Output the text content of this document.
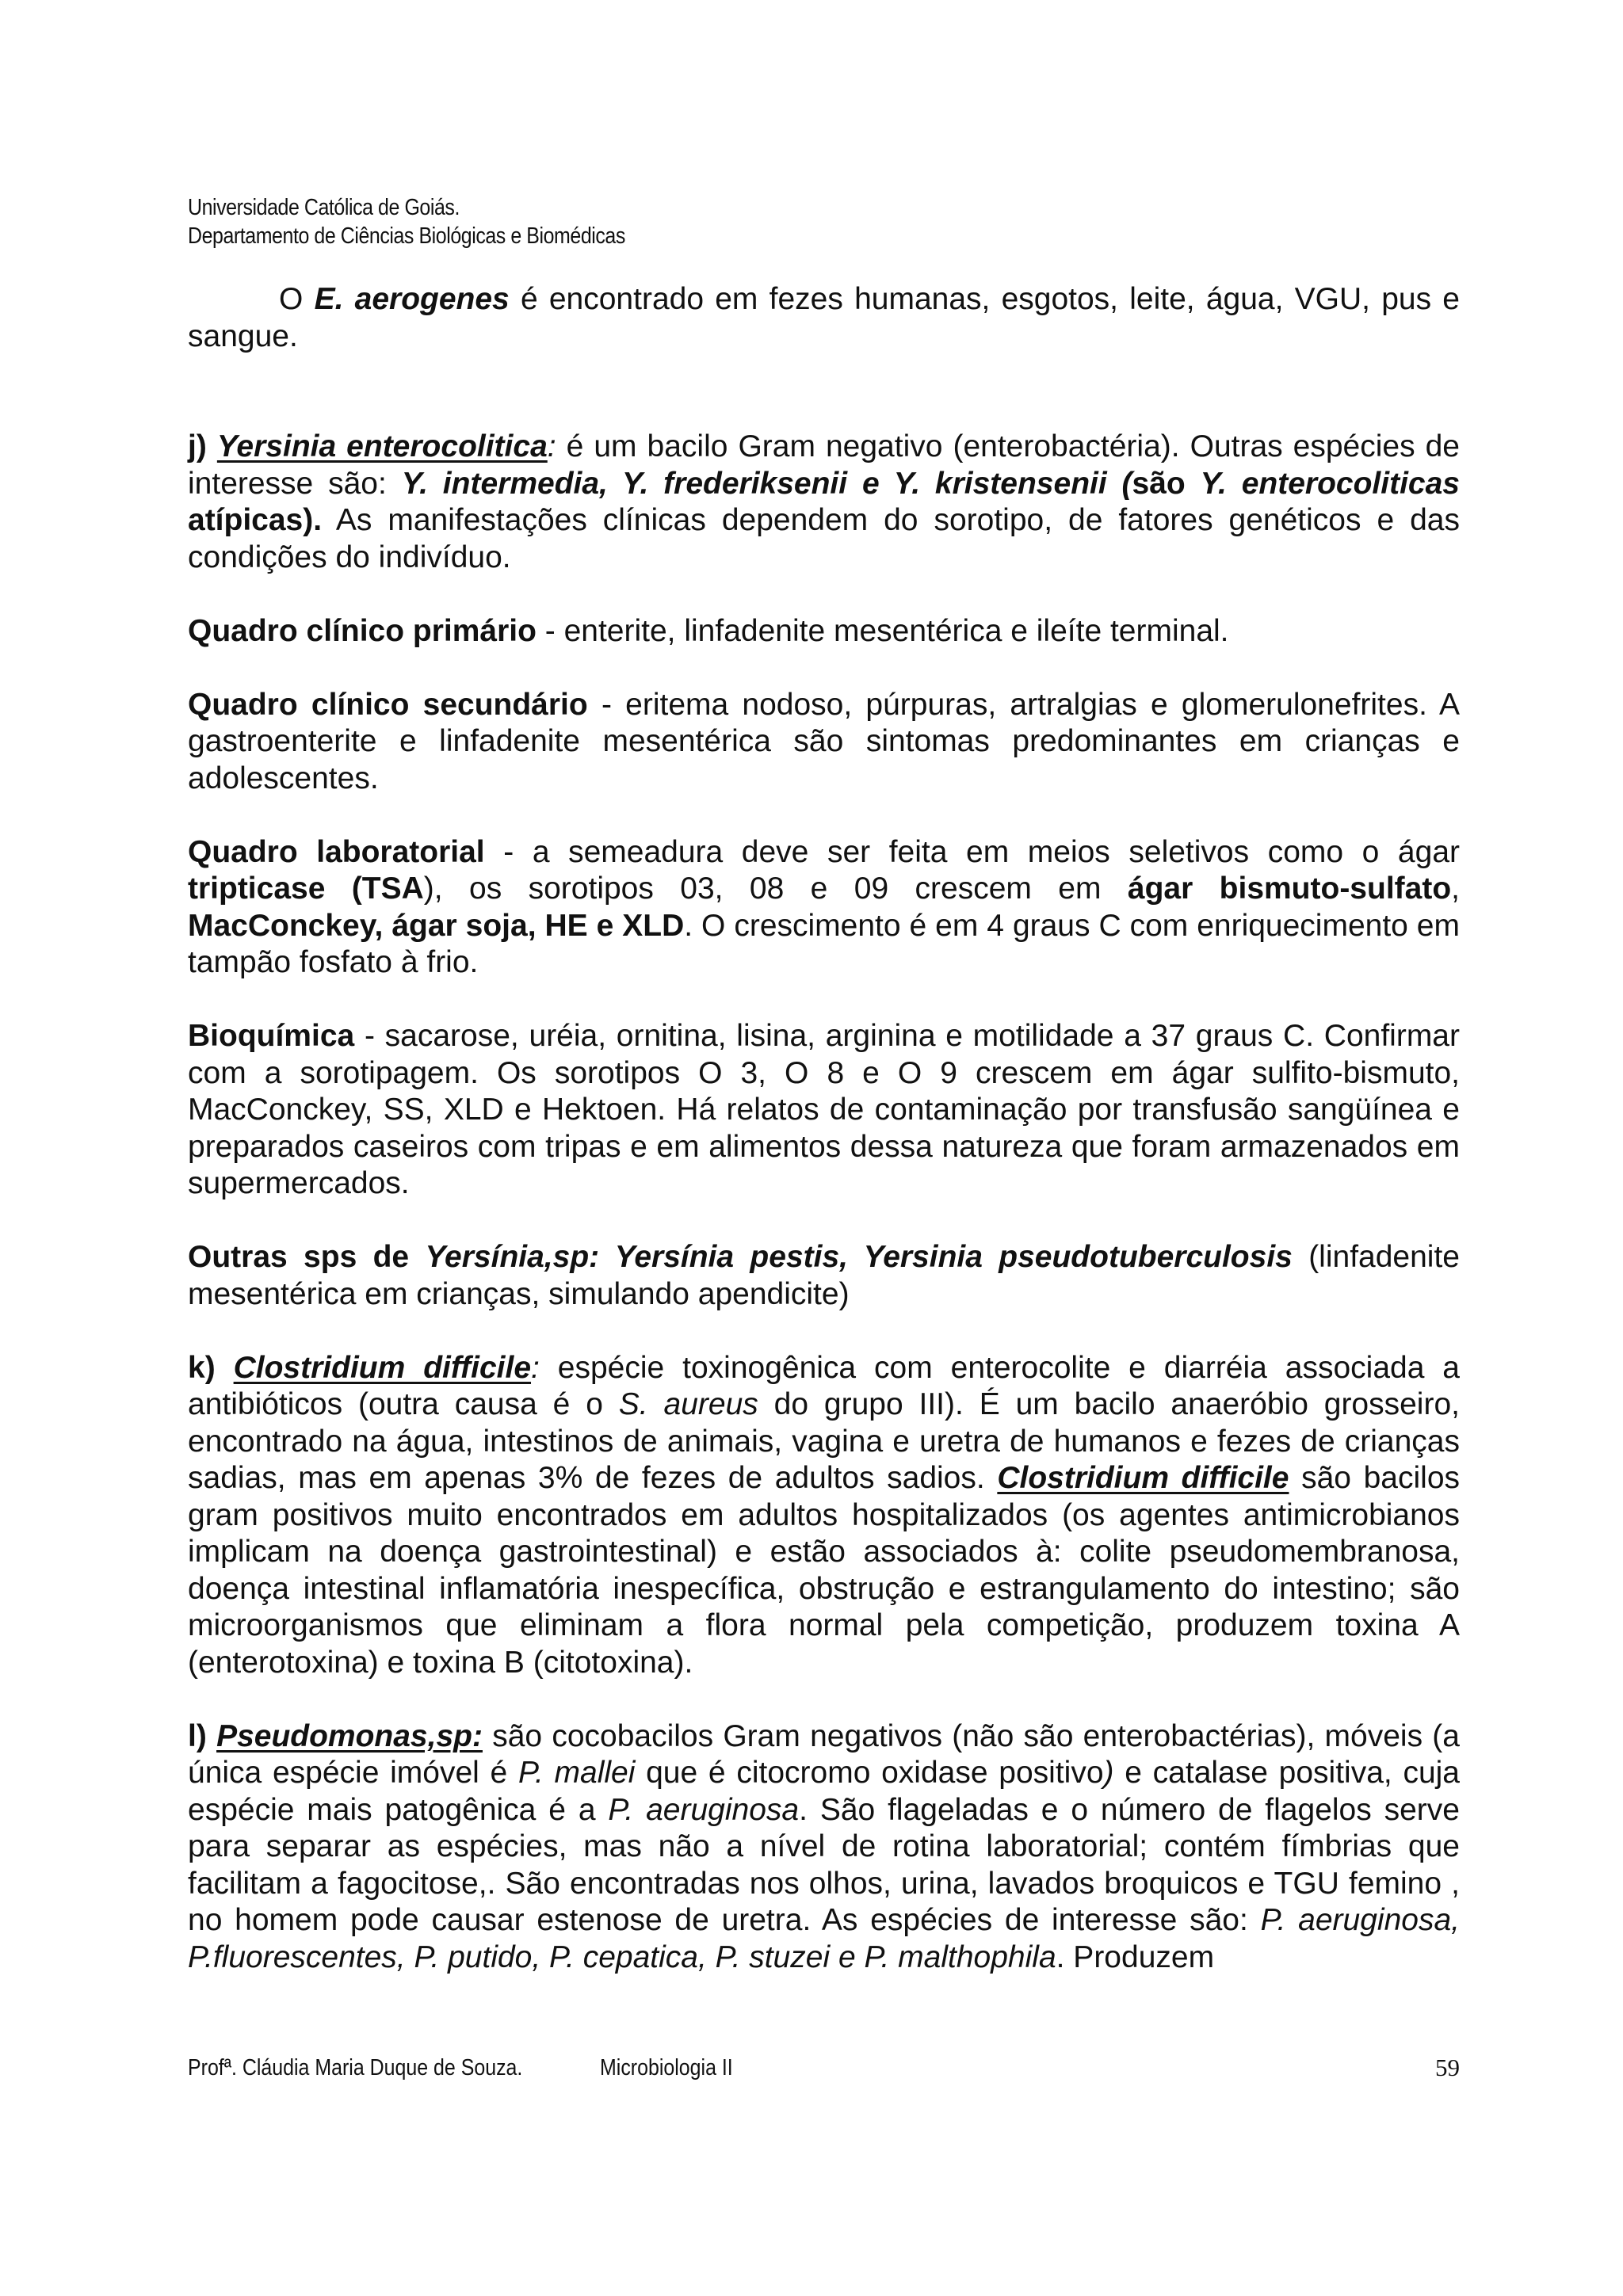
Universidade Católica de Goiás.
Departamento de Ciências Biológicas e Biomédicas

O E. aerogenes é encontrado em fezes humanas, esgotos, leite, água, VGU, pus e sangue.

j) Yersinia enterocolitica: é um bacilo Gram negativo (enterobactéria). Outras espécies de interesse são: Y. intermedia, Y. frederiksenii e Y. kristensenii (são Y. enterocoliticas atípicas). As manifestações clínicas dependem do sorotipo, de fatores genéticos e das condições do indivíduo.

Quadro clínico primário - enterite, linfadenite mesentérica e ileíte terminal.

Quadro clínico secundário - eritema nodoso, púrpuras, artralgias e glomerulonefrites. A gastroenterite e linfadenite mesentérica são sintomas predominantes em crianças e adolescentes.

Quadro laboratorial - a semeadura deve ser feita em meios seletivos como o ágar tripticase (TSA), os sorotipos 03, 08 e 09 crescem em ágar bismuto-sulfato, MacConckey, ágar soja, HE e XLD. O crescimento é em 4 graus C com enriquecimento em tampão fosfato à frio.

Bioquímica - sacarose, uréia, ornitina, lisina, arginina e motilidade a 37 graus C. Confirmar com a sorotipagem. Os sorotipos O 3, O 8 e O 9 crescem em ágar sulfito-bismuto, MacConckey, SS, XLD e Hektoen. Há relatos de contaminação por transfusão sangüínea e preparados caseiros com tripas e em alimentos dessa natureza que foram armazenados em supermercados.

Outras sps de Yersínia,sp: Yersínia pestis, Yersinia pseudotuberculosis (linfadenite mesentérica em crianças, simulando apendicite)

k) Clostridium difficile: espécie toxinogênica com enterocolite e diarréia associada a antibióticos (outra causa é o S. aureus do grupo III). É um bacilo anaeróbio grosseiro, encontrado na água, intestinos de animais, vagina e uretra de humanos e fezes de crianças sadias, mas em apenas 3% de fezes de adultos sadios. Clostridium difficile são bacilos gram positivos muito encontrados em adultos hospitalizados (os agentes antimicrobianos implicam na doença gastrointestinal) e estão associados à: colite pseudomembranosa, doença intestinal inflamatória inespecífica, obstrução e estrangulamento do intestino; são microorganismos que eliminam a flora normal pela competição, produzem toxina A (enterotoxina) e toxina B (citotoxina).

l) Pseudomonas,sp: são cocobacilos Gram negativos (não são enterobactérias), móveis (a única espécie imóvel é P. mallei que é citocromo oxidase positivo) e catalase positiva, cuja espécie mais patogênica é a P. aeruginosa. São flageladas e o número de flagelos serve para separar as espécies, mas não a nível de rotina laboratorial; contém fímbrias que facilitam a fagocitose,. São encontradas nos olhos, urina, lavados broquicos e TGU femino , no homem pode causar estenose de uretra. As espécies de interesse são: P. aeruginosa, P.fluorescentes, P. putido, P. cepatica, P. stuzei e P. malthophila. Produzem

Profª. Cláudia Maria Duque de Souza.	Microbiologia II	59
